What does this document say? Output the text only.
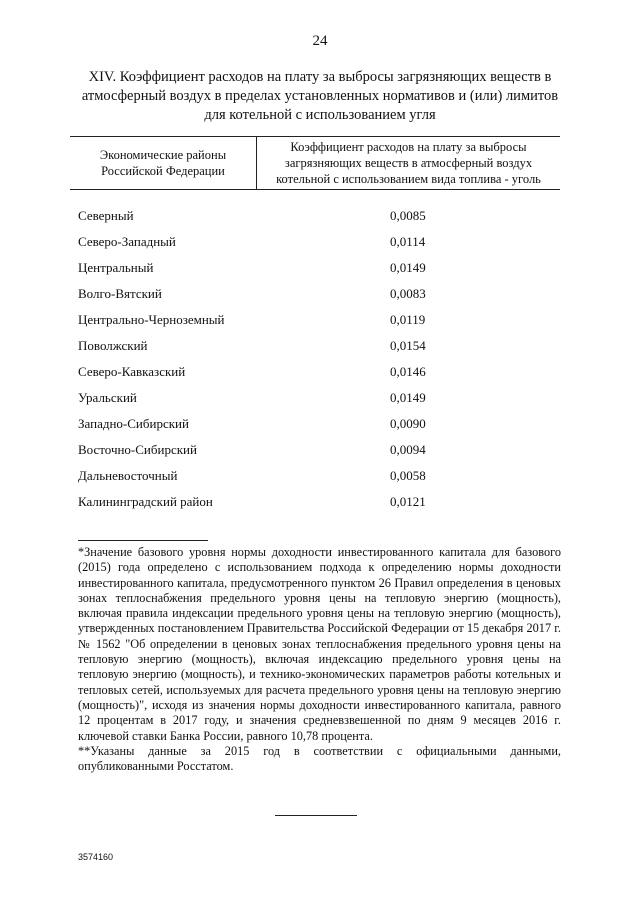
24
XIV. Коэффициент расходов на плату за выбросы загрязняющих веществ в атмосферный воздух в пределах установленных нормативов и (или) лимитов для котельной с использованием угля
Экономические районы Российской Федерации
Коэффициент расходов на плату за выбросы загрязняющих веществ в атмосферный воздух котельной с использованием вида топлива - уголь
Северный	0,0085
Северо-Западный	0,0114
Центральный	0,0149
Волго-Вятский	0,0083
Центрально-Черноземный	0,0119
Поволжский	0,0154
Северо-Кавказский	0,0146
Уральский	0,0149
Западно-Сибирский	0,0090
Восточно-Сибирский	0,0094
Дальневосточный	0,0058
Калининградский район	0,0121

*Значение базового уровня нормы доходности инвестированного капитала для базового (2015) года определено с использованием подхода к определению нормы доходности инвестированного капитала, предусмотренного пунктом 26 Правил определения в ценовых зонах теплоснабжения предельного уровня цены на тепловую энергию (мощность), включая правила индексации предельного уровня цены на тепловую энергию (мощность), утвержденных постановлением Правительства Российской Федерации от 15 декабря 2017 г. № 1562 "Об определении в ценовых зонах теплоснабжения предельного уровня цены на тепловую энергию (мощность), включая индексацию предельного уровня цены на тепловую энергию (мощность), и технико-экономических параметров работы котельных и тепловых сетей, используемых для расчета предельного уровня цены на тепловую энергию (мощность)", исходя из значения нормы доходности инвестированного капитала, равного 12 процентам в 2017 году, и значения средневзвешенной по дням 9 месяцев 2016 г. ключевой ставки Банка России, равного 10,78 процента.

**Указаны данные за 2015 год в соответствии с официальными данными, опубликованными Росстатом.

3574160
